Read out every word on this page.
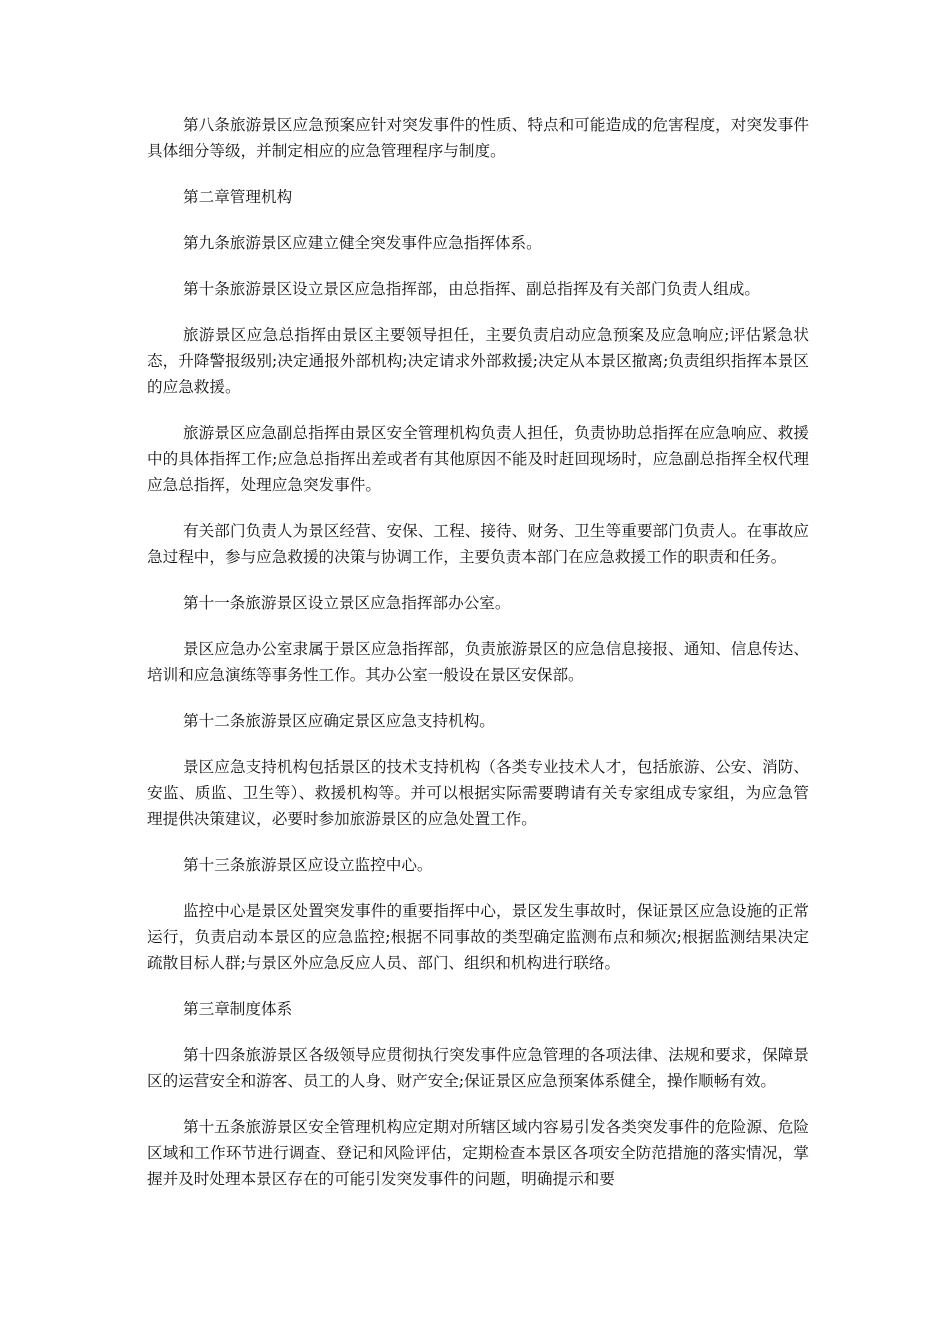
第八条旅游景区应急预案应针对突发事件的性质、特点和可能造成的危害程度，对突发事件具体细分等级，并制定相应的应急管理程序与制度。

第二章管理机构

第九条旅游景区应建立健全突发事件应急指挥体系。

第十条旅游景区设立景区应急指挥部，由总指挥、副总指挥及有关部门负责人组成。

旅游景区应急总指挥由景区主要领导担任，主要负责启动应急预案及应急响应;评估紧急状态，升降警报级别;决定通报外部机构;决定请求外部救援;决定从本景区撤离;负责组织指挥本景区的应急救援。

旅游景区应急副总指挥由景区安全管理机构负责人担任，负责协助总指挥在应急响应、救援中的具体指挥工作;应急总指挥出差或者有其他原因不能及时赶回现场时，应急副总指挥全权代理应急总指挥，处理应急突发事件。

有关部门负责人为景区经营、安保、工程、接待、财务、卫生等重要部门负责人。在事故应急过程中，参与应急救援的决策与协调工作，主要负责本部门在应急救援工作的职责和任务。

第十一条旅游景区设立景区应急指挥部办公室。

景区应急办公室隶属于景区应急指挥部，负责旅游景区的应急信息接报、通知、信息传达、培训和应急演练等事务性工作。其办公室一般设在景区安保部。

第十二条旅游景区应确定景区应急支持机构。

景区应急支持机构包括景区的技术支持机构（各类专业技术人才，包括旅游、公安、消防、安监、质监、卫生等）、救援机构等。并可以根据实际需要聘请有关专家组成专家组，为应急管理提供决策建议，必要时参加旅游景区的应急处置工作。

第十三条旅游景区应设立监控中心。

监控中心是景区处置突发事件的重要指挥中心，景区发生事故时，保证景区应急设施的正常运行，负责启动本景区的应急监控;根据不同事故的类型确定监测布点和频次;根据监测结果决定疏散目标人群;与景区外应急反应人员、部门、组织和机构进行联络。

第三章制度体系

第十四条旅游景区各级领导应贯彻执行突发事件应急管理的各项法律、法规和要求，保障景区的运营安全和游客、员工的人身、财产安全;保证景区应急预案体系健全，操作顺畅有效。

第十五条旅游景区安全管理机构应定期对所辖区域内容易引发各类突发事件的危险源、危险区域和工作环节进行调查、登记和风险评估，定期检查本景区各项安全防范措施的落实情况，掌握并及时处理本景区存在的可能引发突发事件的问题，明确提示和要
